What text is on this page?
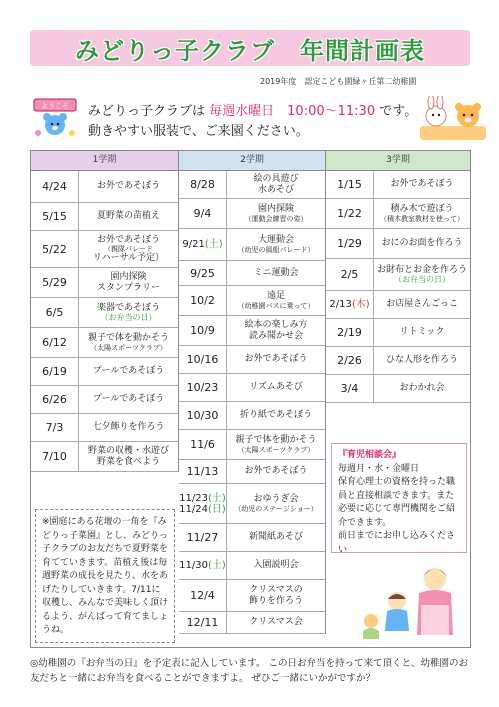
みどりっ子クラブ　年間計画表
2019年度　認定こども園緑ヶ丘第二幼稚園
ようこそ みどりっ子クラブは 毎週水曜日　10:00～11:30 です。
動きやすい服装で、ご来園ください。
1学期
4/24	お外であそぼう
5/15	夏野菜の苗植え
5/22
お外であそぼう
（親隊パレード
リハーサル予定）
5/29	園内探険
スタンプラリー
6/5	楽器であそぼう
（お弁当の日）
6/12	親子で体を動かそう
（太陽スポーツクラブ）
6/19	プールであそぼう
6/26	プールであそぼう
7/3	七夕飾りを作ろう
7/10	野菜の収穫・水遊び
野菜を食べよう
2学期
8/28	絵の具遊び
水あそび
9/4	園内探険
（運動会練習の姿）
9/21(土)	大運動会
（幼児の風船パレード）
9/25	ミニ運動会
10/2	遠足
（幼稚園バスに乗って）
10/9	絵本の楽しみ方
読み聞かせ会
10/16	お外であそぼう
10/23	リズムあそび
10/30	折り紙であそぼう
11/6	親子で体を動かそう
（太陽スポーツクラブ）
11/13	お外であそぼう
11/23(土)
11/24(日)
おゆうぎ会
（幼児のステージショー）
11/27	新聞紙あそび
11/30(土)	入園説明会
12/4	クリスマスの
飾りを作ろう
12/11	クリスマス会
3学期
1/15	お外であそぼう
1/22	積み木で遊ぼう
（積木教室教材を使って）
1/29	おにのお面を作ろう
2/5	お財布とお金を作ろう
（お弁当の日）
2/13(木) お店屋さんごっこ
2/19	リトミック
2/26	ひな人形を作ろう
3/4	おわかれ会
※園庭にある花壇の一角を『みどりっ子菜園』とし、みどりっ子クラブのお友だちで夏野菜を育てていきます。苗植え後は毎週野菜の成長を見たり、水をあげたりしていきます。7/11に収穫し、みんなで美味しく頂けるよう、がんばって育てましょうね。
『育児相談会』
毎週月・水・金曜日
保育心理士の資格を持った職員と直接相談できます。また 必要に応じて専門機関をご紹介できます。
前日までにお申し込みください
◎幼稚園の『お弁当の日』を予定表に記入しています。 この日お弁当を持って来て頂くと、幼稚園のお友だちと一緒にお弁当を食べることができますよ。 ぜひご一緒にいかがですか？
